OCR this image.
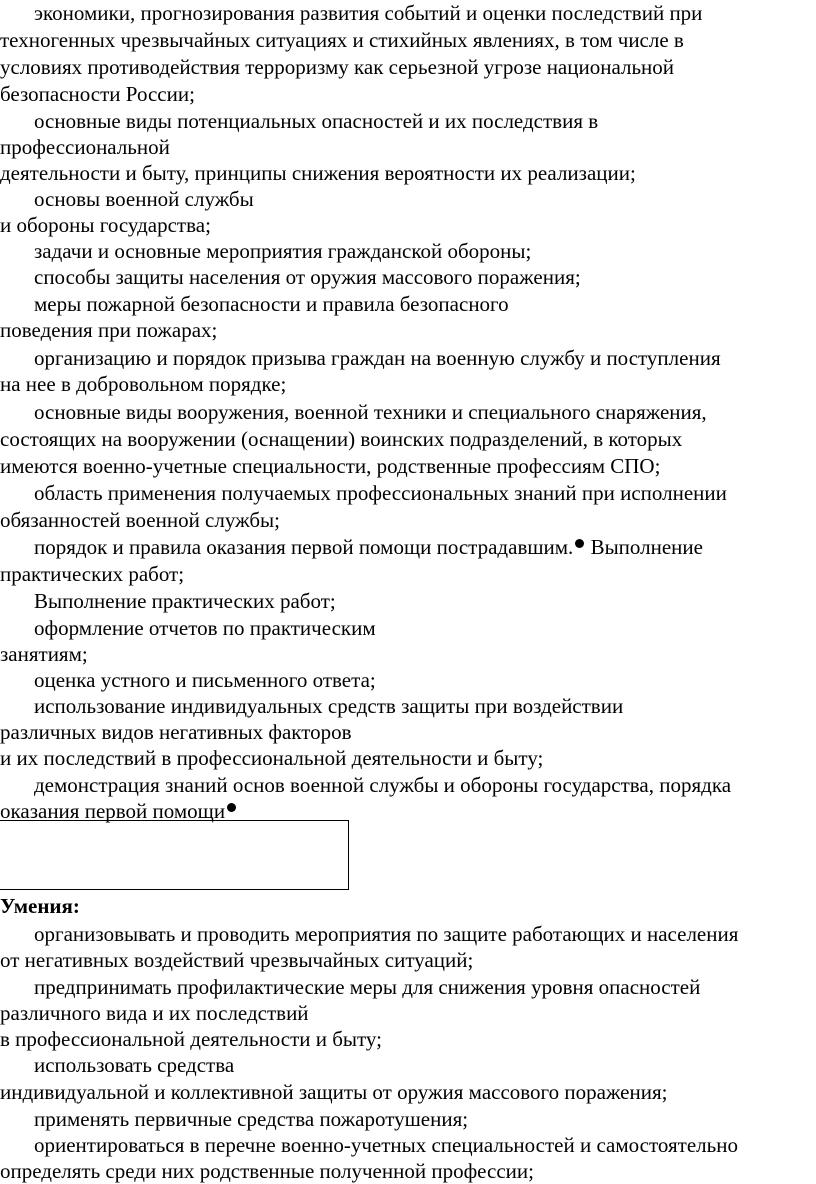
экономики, прогнозирования развития событий и оценки последствий при
техногенных чрезвычайных ситуациях и стихийных явлениях, в том числе в
условиях противодействия терроризму как серьезной угрозе национальной
безопасности России;
основные виды потенциальных опасностей и их последствия в
профессиональной
деятельности и быту, принципы снижения вероятности их реализации;
основы военной службы
и обороны государства;
задачи и основные мероприятия гражданской обороны;
способы защиты населения от оружия массового поражения;
меры пожарной безопасности и правила безопасного
поведения при пожарах;
организацию и порядок призыва граждан на военную службу и поступления
на нее в добровольном порядке;
основные виды вооружения, военной техники и специального снаряжения,
состоящих на вооружении (оснащении) воинских подразделений, в которых
имеются военно-учетные специальности, родственные профессиям СПО;
область применения получаемых профессиональных знаний при исполнении
обязанностей военной службы;
порядок и правила оказания первой помощи пострадавшим. Выполнение
практических работ;
Выполнение практических работ;
оформление отчетов по практическим
занятиям;
оценка устного и письменного ответа;
использование индивидуальных средств защиты при воздействии
различных видов негативных факторов
и их последствий в профессиональной деятельности и быту;
демонстрация знаний основ военной службы и обороны государства, порядка
оказания первой помощи
Умения:
организовывать и проводить мероприятия по защите работающих и населения
от негативных воздействий чрезвычайных ситуаций;
предпринимать профилактические меры для снижения уровня опасностей
различного вида и их последствий
в профессиональной деятельности и быту;
использовать средства
индивидуальной и коллективной защиты от оружия массового поражения;
применять первичные средства пожаротушения;
ориентироваться в перечне военно-учетных специальностей и самостоятельно
определять среди них родственные полученной профессии;
